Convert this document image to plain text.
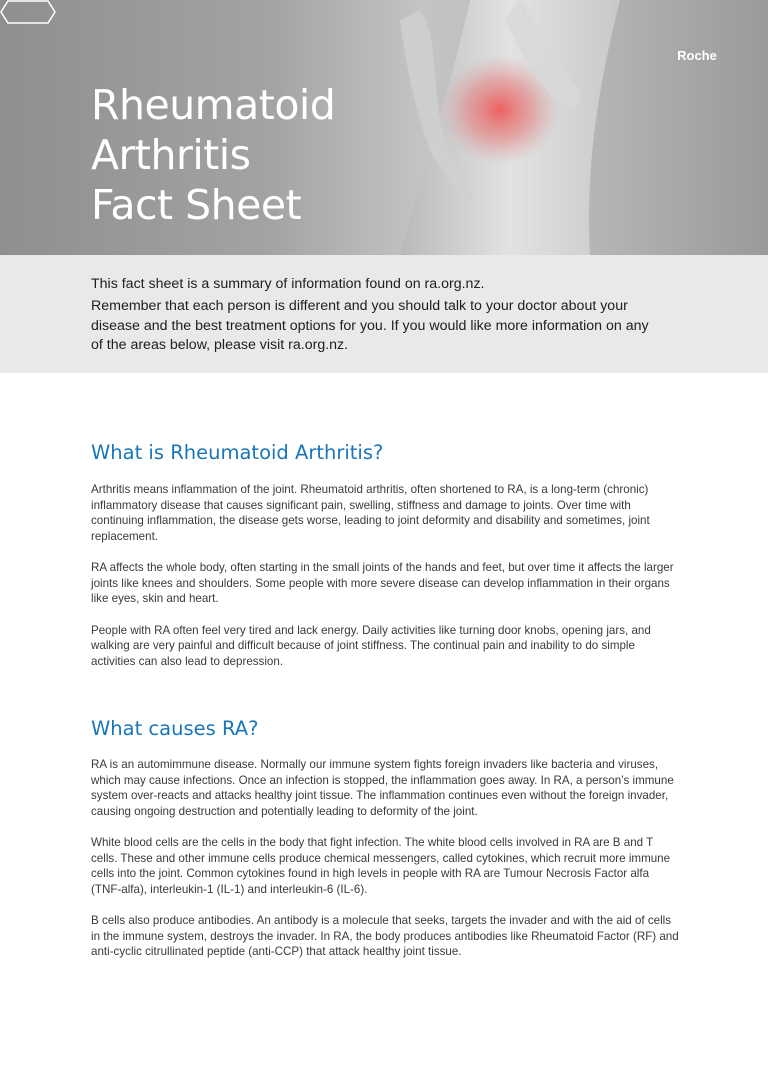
Rheumatoid
Arthritis
Fact Sheet
Roche

This fact sheet is a summary of information found on ra.org.nz.

Remember that each person is different and you should talk to your doctor about your disease and the best treatment options for you. If you would like more information on any of the areas below, please visit ra.org.nz.

What is Rheumatoid Arthritis?

Arthritis means inflammation of the joint. Rheumatoid arthritis, often shortened to RA, is a long-term (chronic) inflammatory disease that causes significant pain, swelling, stiffness and damage to joints. Over time with continuing inflammation, the disease gets worse, leading to joint deformity and disability and sometimes, joint replacement.

RA affects the whole body, often starting in the small joints of the hands and feet, but over time it affects the larger joints like knees and shoulders. Some people with more severe disease can develop inflammation in their organs like eyes, skin and heart.

People with RA often feel very tired and lack energy. Daily activities like turning door knobs, opening jars, and walking are very painful and difficult because of joint stiffness. The continual pain and inability to do simple activities can also lead to depression.

What causes RA?

RA is an automimmune disease. Normally our immune system fights foreign invaders like bacteria and viruses, which may cause infections. Once an infection is stopped, the inflammation goes away. In RA, a person’s immune system over-reacts and attacks healthy joint tissue. The inflammation continues even without the foreign invader, causing ongoing destruction and potentially leading to deformity of the joint.

White blood cells are the cells in the body that fight infection. The white blood cells involved in RA are B and T cells. These and other immune cells produce chemical messengers, called cytokines, which recruit more immune cells into the joint. Common cytokines found in high levels in people with RA are Tumour Necrosis Factor alfa (TNF-alfa), interleukin-1 (IL-1) and interleukin-6 (IL-6).

B cells also produce antibodies. An antibody is a molecule that seeks, targets the invader and with the aid of cells in the immune system, destroys the invader. In RA, the body produces antibodies like Rheumatoid Factor (RF) and anti-cyclic citrullinated peptide (anti-CCP) that attack healthy joint tissue.
